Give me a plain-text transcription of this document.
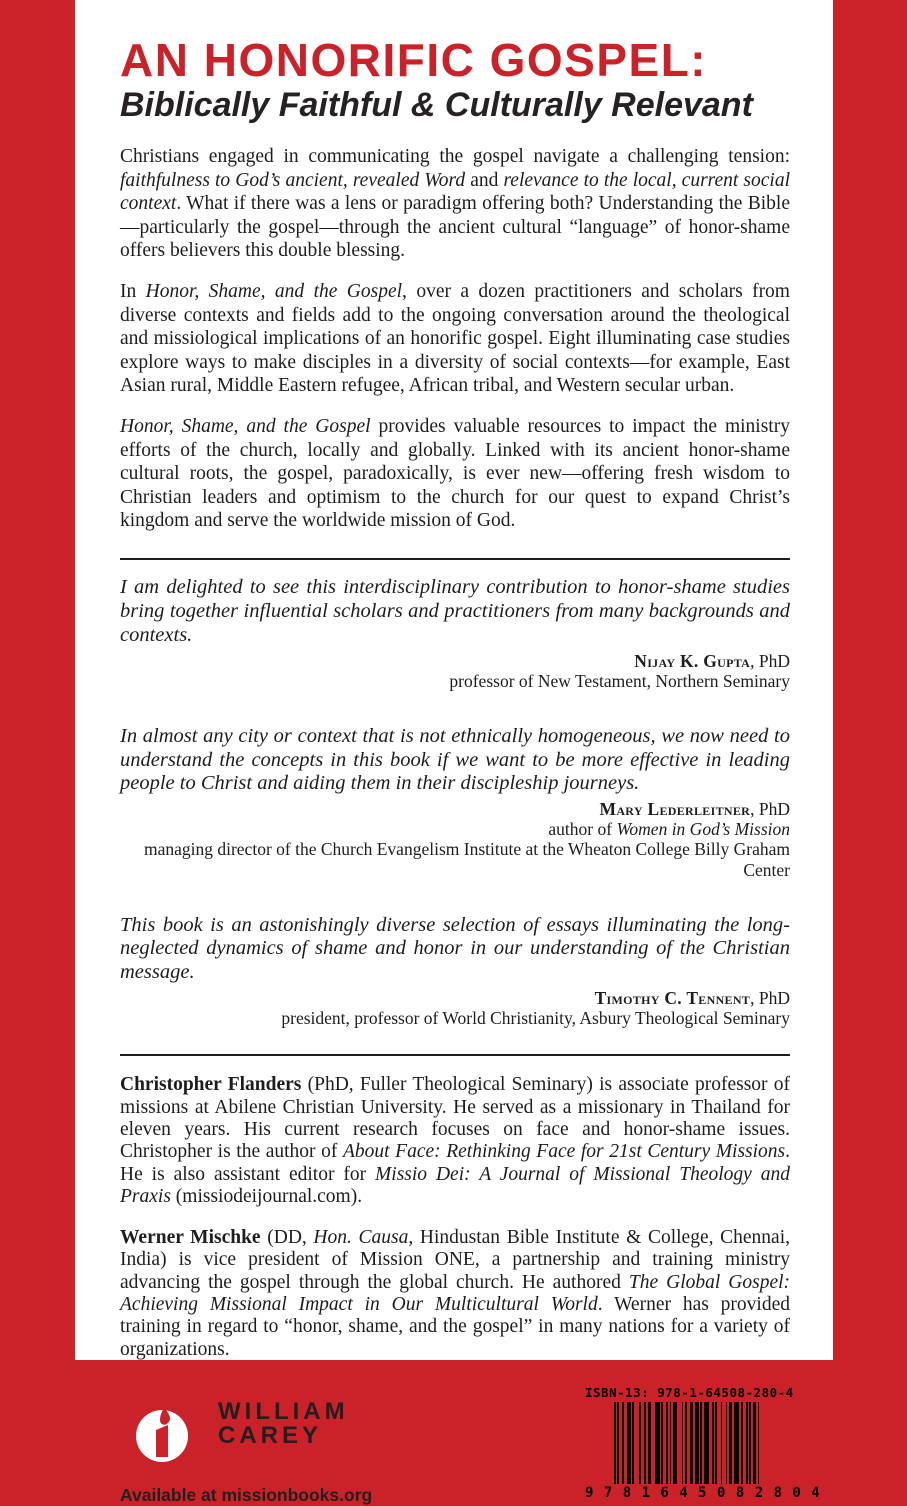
AN HONORIFIC GOSPEL:
Biblically Faithful & Culturally Relevant

Christians engaged in communicating the gospel navigate a challenging tension: faithfulness to God’s ancient, revealed Word and relevance to the local, current social context. What if there was a lens or paradigm offering both? Understanding the Bible—particularly the gospel—through the ancient cultural “language” of honor-shame offers believers this double blessing.

In Honor, Shame, and the Gospel, over a dozen practitioners and scholars from diverse contexts and fields add to the ongoing conversation around the theological and missiological implications of an honorific gospel. Eight illuminating case studies explore ways to make disciples in a diversity of social contexts—for example, East Asian rural, Middle Eastern refugee, African tribal, and Western secular urban.

Honor, Shame, and the Gospel provides valuable resources to impact the ministry efforts of the church, locally and globally. Linked with its ancient honor-shame cultural roots, the gospel, paradoxically, is ever new—offering fresh wisdom to Christian leaders and optimism to the church for our quest to expand Christ’s kingdom and serve the worldwide mission of God.

I am delighted to see this interdisciplinary contribution to honor-shame studies bring together influential scholars and practitioners from many backgrounds and contexts.
Nijay K. Gupta, PhD
professor of New Testament, Northern Seminary
In almost any city or context that is not ethnically homogeneous, we now need to understand the concepts in this book if we want to be more effective in leading people to Christ and aiding them in their discipleship journeys.
Mary Lederleitner, PhD
author of Women in God’s Mission
managing director of the Church Evangelism Institute at the Wheaton College Billy Graham Center
This book is an astonishingly diverse selection of essays illuminating the long-neglected dynamics of shame and honor in our understanding of the Christian message.
Timothy C. Tennent, PhD
president, professor of World Christianity, Asbury Theological Seminary

Christopher Flanders (PhD, Fuller Theological Seminary) is associate professor of missions at Abilene Christian University. He served as a missionary in Thailand for eleven years. His current research focuses on face and honor-shame issues. Christopher is the author of About Face: Rethinking Face for 21st Century Missions. He is also assistant editor for Missio Dei: A Journal of Missional Theology and Praxis (missiodeijournal.com).

Werner Mischke (DD, Hon. Causa, Hindustan Bible Institute & College, Chennai, India) is vice president of Mission ONE, a partnership and training ministry advancing the gospel through the global church. He authored The Global Gospel: Achieving Missional Impact in Our Multicultural World. Werner has provided training in regard to “honor, shame, and the gospel” in many nations for a variety of organizations.

WILLIAM
CAREY
PUBLISHING
Available at missionbooks.org
ISBN-13: 978-1-64508-280-4
9 7 8 1 6 4 5 0 8 2 8 0 4
